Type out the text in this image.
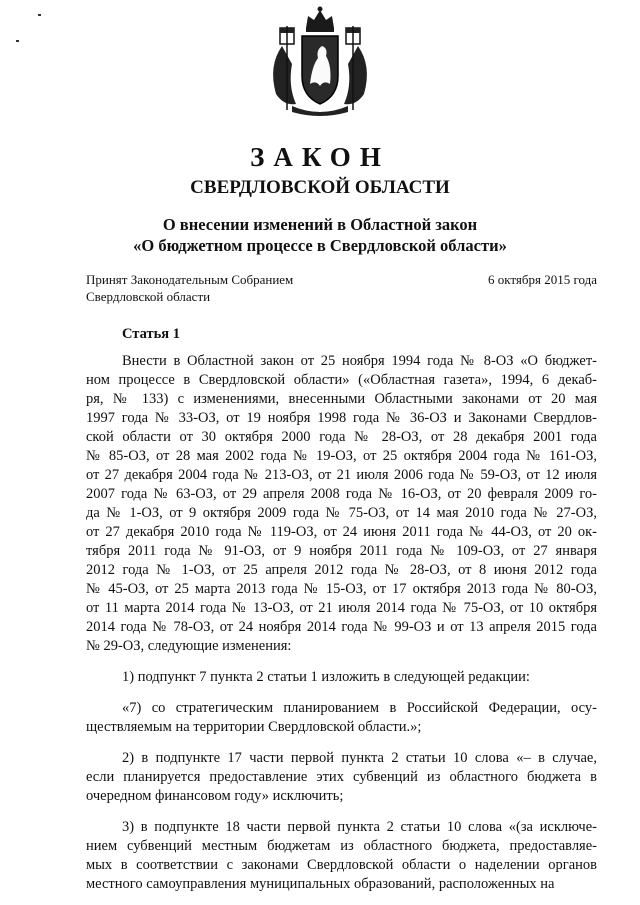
ЗАКОН
СВЕРДЛОВСКОЙ ОБЛАСТИ
О внесении изменений в Областной закон
«О бюджетном процессе в Свердловской области»
Принят Законодательным Собранием
Свердловской области
6 октября 2015 года
Статья 1
Внести в Областной закон от 25 ноября 1994 года № 8-ОЗ «О бюджет-
ном процессе в Свердловской области» («Областная газета», 1994, 6 декаб-
ря, № 133) с изменениями, внесенными Областными законами от 20 мая
1997 года № 33-ОЗ, от 19 ноября 1998 года № 36-ОЗ и Законами Свердлов-
ской области от 30 октября 2000 года № 28-ОЗ, от 28 декабря 2001 года
№ 85-ОЗ, от 28 мая 2002 года № 19-ОЗ, от 25 октября 2004 года № 161-ОЗ,
от 27 декабря 2004 года № 213-ОЗ, от 21 июля 2006 года № 59-ОЗ, от 12 июля
2007 года № 63-ОЗ, от 29 апреля 2008 года № 16-ОЗ, от 20 февраля 2009 го-
да № 1-ОЗ, от 9 октября 2009 года № 75-ОЗ, от 14 мая 2010 года № 27-ОЗ,
от 27 декабря 2010 года № 119-ОЗ, от 24 июня 2011 года № 44-ОЗ, от 20 ок-
тября 2011 года № 91-ОЗ, от 9 ноября 2011 года № 109-ОЗ, от 27 января
2012 года № 1-ОЗ, от 25 апреля 2012 года № 28-ОЗ, от 8 июня 2012 года
№ 45-ОЗ, от 25 марта 2013 года № 15-ОЗ, от 17 октября 2013 года № 80-ОЗ,
от 11 марта 2014 года № 13-ОЗ, от 21 июля 2014 года № 75-ОЗ, от 10 октября
2014 года № 78-ОЗ, от 24 ноября 2014 года № 99-ОЗ и от 13 апреля 2015 года
№ 29-ОЗ, следующие изменения:
1) подпункт 7 пункта 2 статьи 1 изложить в следующей редакции:
«7) со стратегическим планированием в Российской Федерации, осу-
ществляемым на территории Свердловской области.»;
2) в подпункте 17 части первой пункта 2 статьи 10 слова «– в случае,
если планируется предоставление этих субвенций из областного бюджета в
очередном финансовом году» исключить;
3) в подпункте 18 части первой пункта 2 статьи 10 слова «(за исключе-
нием субвенций местным бюджетам из областного бюджета, предоставляе-
мых в соответствии с законами Свердловской области о наделении органов
местного самоуправления муниципальных образований, расположенных на
